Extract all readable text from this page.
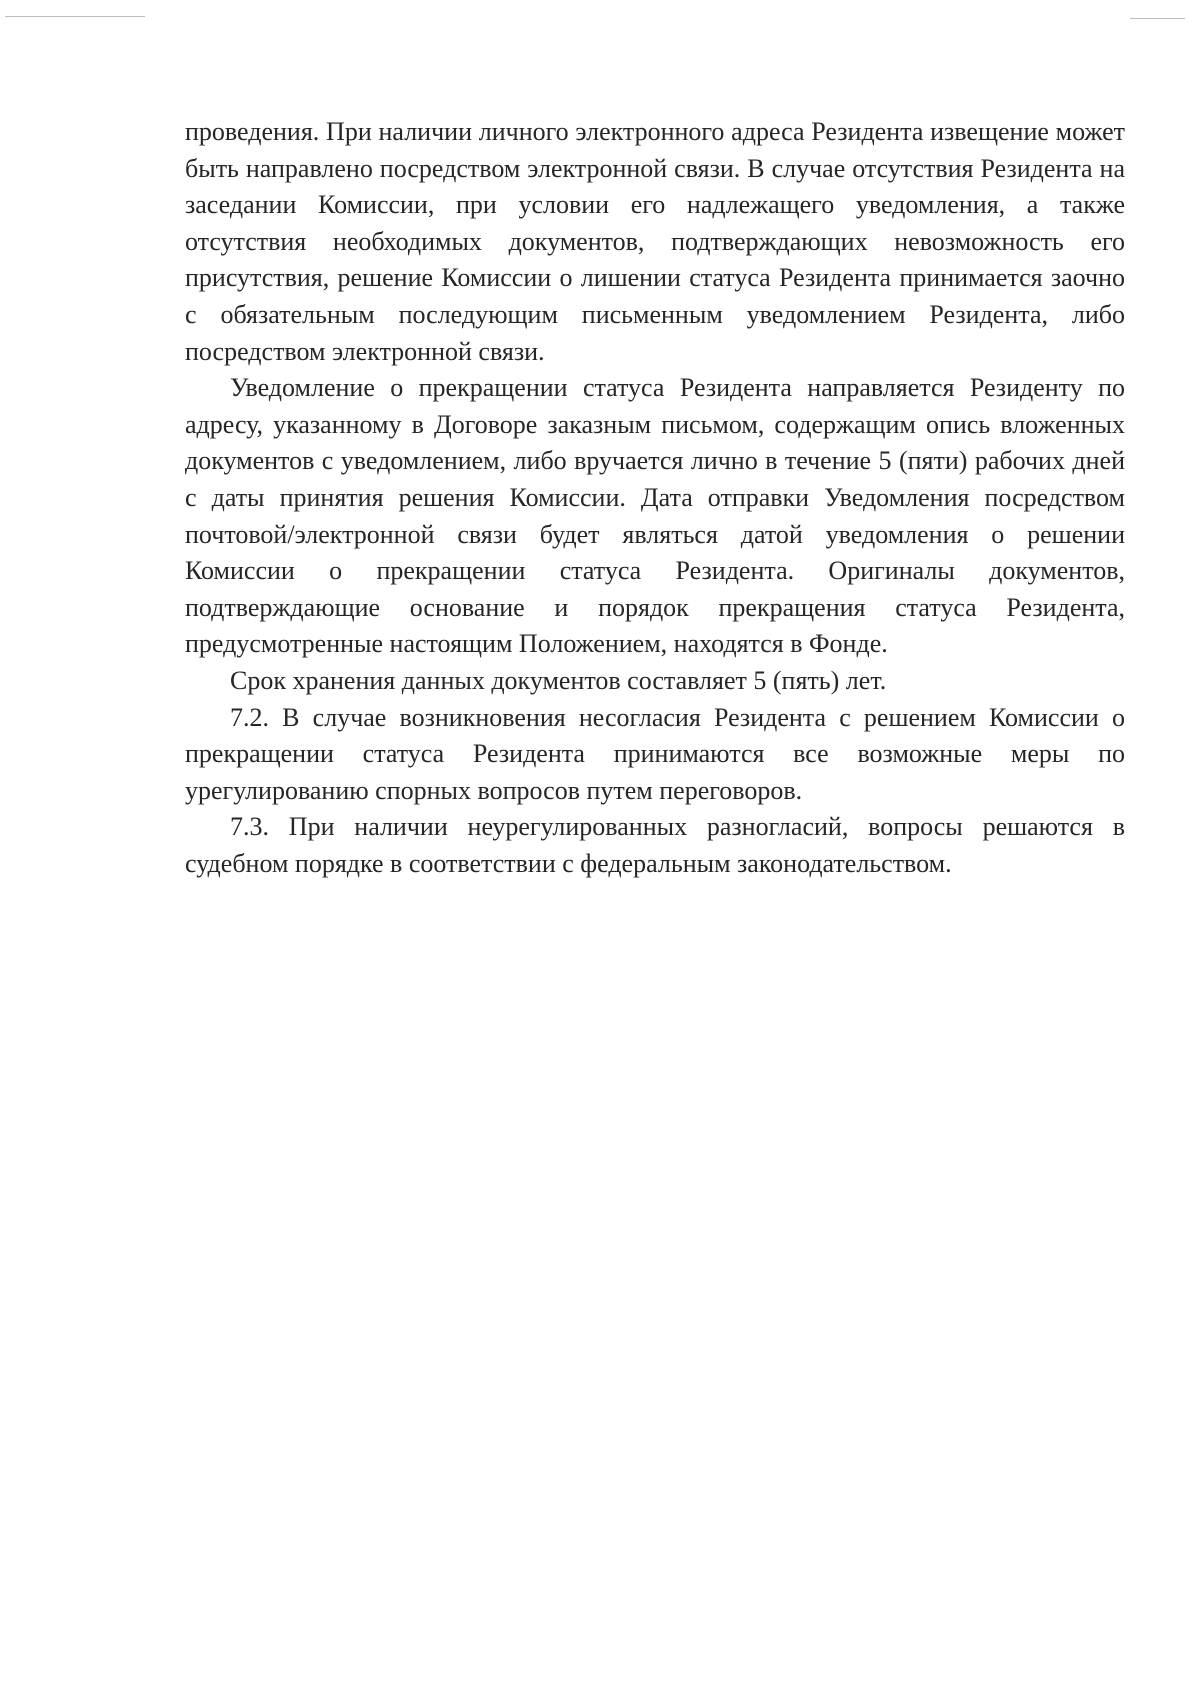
проведения. При наличии личного электронного адреса Резидента извещение может быть направлено посредством электронной связи. В случае отсутствия Резидента на заседании Комиссии, при условии его надлежащего уведомления, а также отсутствия необходимых документов, подтверждающих невозможность его присутствия, решение Комиссии о лишении статуса Резидента принимается заочно с обязательным последующим письменным уведомлением Резидента, либо посредством электронной связи.

Уведомление о прекращении статуса Резидента направляется Резиденту по адресу, указанному в Договоре заказным письмом, содержащим опись вложенных документов с уведомлением, либо вручается лично в течение 5 (пяти) рабочих дней с даты принятия решения Комиссии. Дата отправки Уведомления посредством почтовой/электронной связи будет являться датой уведомления о решении Комиссии о прекращении статуса Резидента. Оригиналы документов, подтверждающие основание и порядок прекращения статуса Резидента, предусмотренные настоящим Положением, находятся в Фонде.

Срок хранения данных документов составляет 5 (пять) лет.

7.2. В случае возникновения несогласия Резидента с решением Комиссии о прекращении статуса Резидента принимаются все возможные меры по урегулированию спорных вопросов путем переговоров.

7.3. При наличии неурегулированных разногласий, вопросы решаются в судебном порядке в соответствии с федеральным законодательством.
